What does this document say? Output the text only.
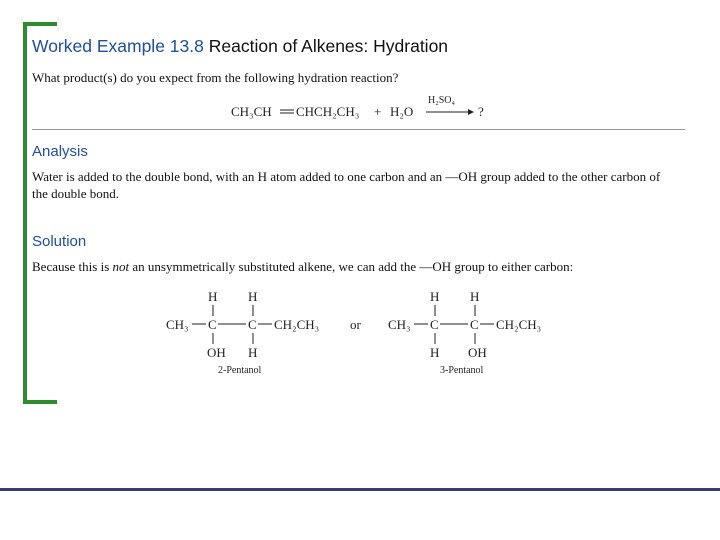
Worked Example 13.8 Reaction of Alkenes: Hydration
What product(s) do you expect from the following hydration reaction?
CH₃CH CHCH₂CH₃ + H₂O
H₂SO₄
?
Analysis
Water is added to the double bond, with an H atom added to one carbon and an —OH group added to the other carbon of the double bond.
Solution
Because this is not an unsymmetrically substituted alkene, we can add the —OH group to either carbon:
H H
CH₃ C C CH₂CH₃
OH H
2-Pentanol
or
H H
CH₃ C C CH₂CH₃
H OH
3-Pentanol
